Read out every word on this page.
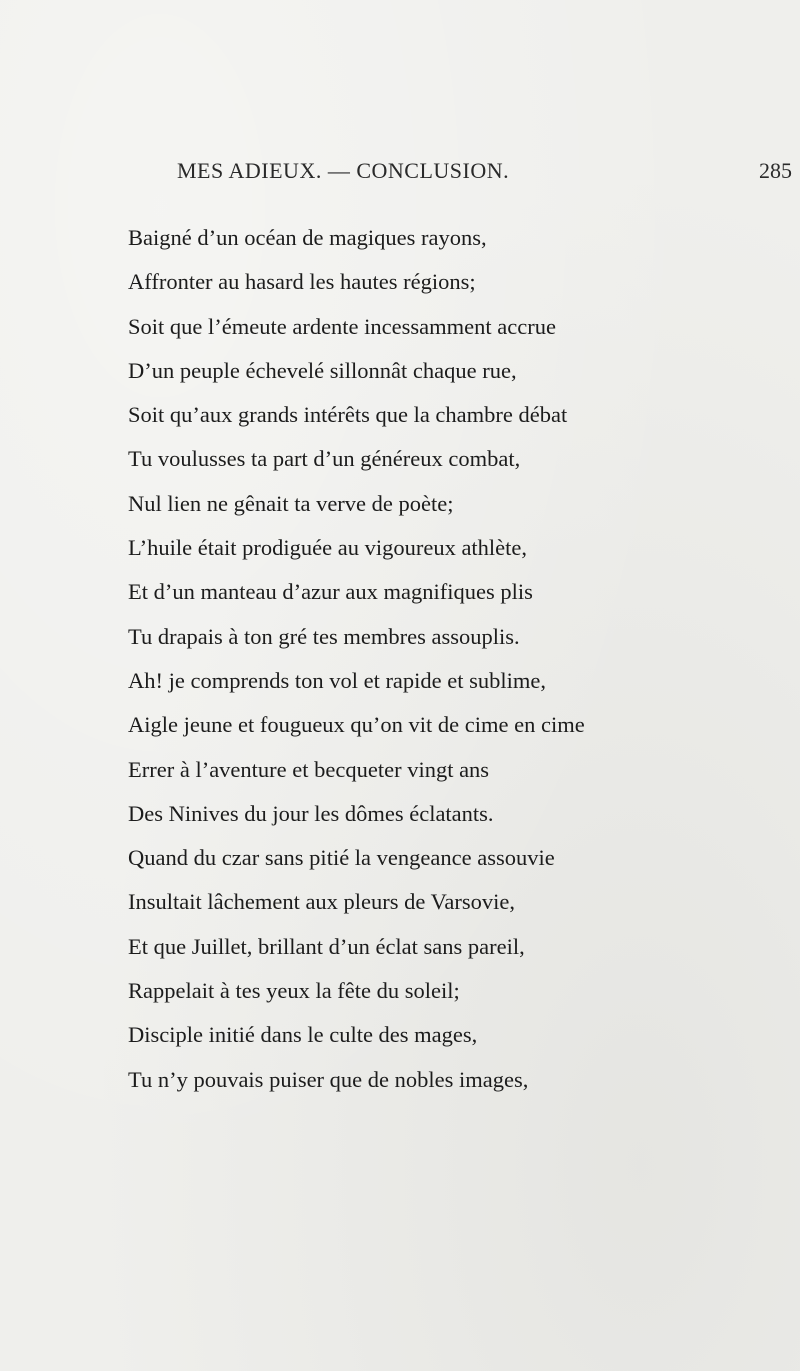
MES ADIEUX. — CONCLUSION.	285
Baigné d’un océan de magiques rayons,
Affronter au hasard les hautes régions;
Soit que l’émeute ardente incessamment accrue
D’un peuple échevelé sillonnât chaque rue,
Soit qu’aux grands intérêts que la chambre débat
Tu voulusses ta part d’un généreux combat,
Nul lien ne gênait ta verve de poète;
L’huile était prodiguée au vigoureux athlète,
Et d’un manteau d’azur aux magnifiques plis
Tu drapais à ton gré tes membres assouplis.
Ah! je comprends ton vol et rapide et sublime,
Aigle jeune et fougueux qu’on vit de cime en cime
Errer à l’aventure et becqueter vingt ans
Des Ninives du jour les dômes éclatants.
Quand du czar sans pitié la vengeance assouvie
Insultait lâchement aux pleurs de Varsovie,
Et que Juillet, brillant d’un éclat sans pareil,
Rappelait à tes yeux la fête du soleil;
Disciple initié dans le culte des mages,
Tu n’y pouvais puiser que de nobles images,
